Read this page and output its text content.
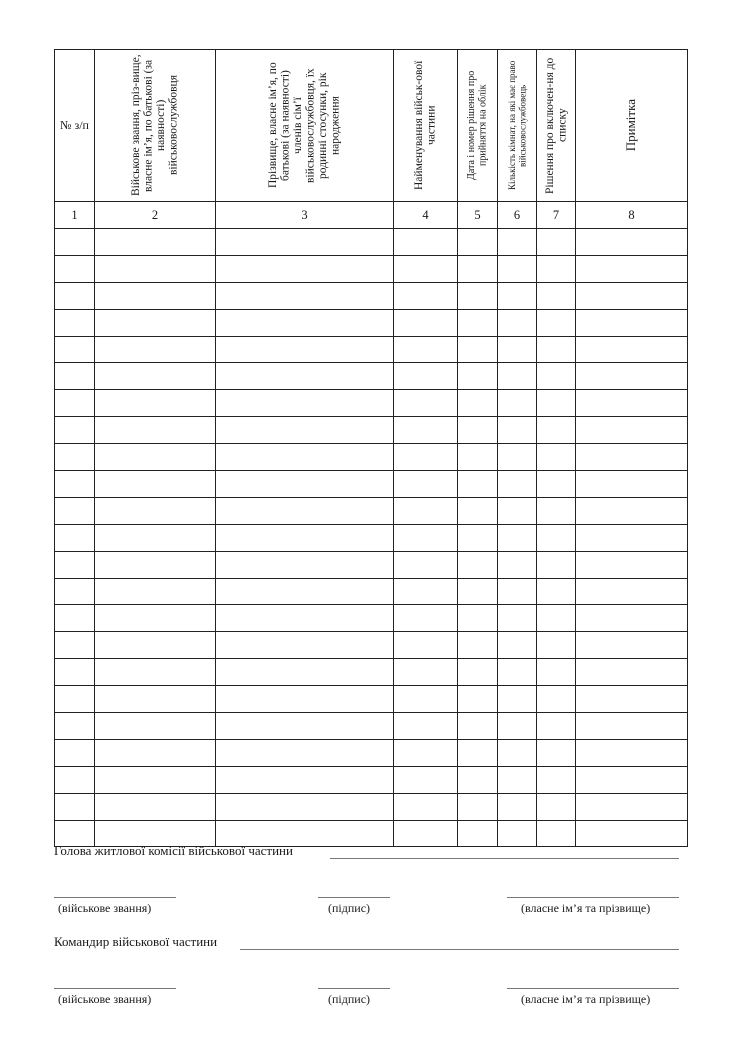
№ з/п	Військове звання, пріз-вище, власне ім’я, по батькові (за наявності) військовослужбовця	Прізвище, власне ім’я, по батькові (за наявності) членів сім’ї військовослужбовця, їх родинні стосунки, рік народження	Найменування військ-ової частини	Дата і номер рішення про прийняття на облік	Кількість кімнат, на які має право військовослужбовець	Рішення про включен-ня до списку	Примітка

1	2	3	4	5	6	7	8

Голова житлової комісії військової частини
(військове звання)	(підпис)	(власне ім’я та прізвище)
Командир військової частини
(військове звання)	(підпис)	(власне ім’я та прізвище)
